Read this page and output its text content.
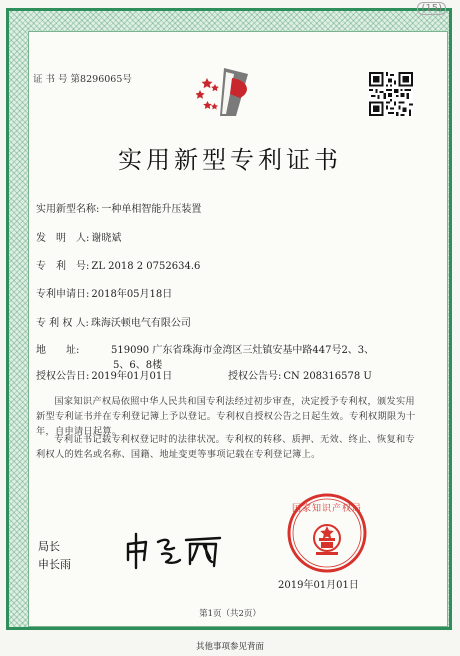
(15)
证 书 号 第8296065号
实用新型专利证书
实用新型名称: 一种单相智能升压装置
发　明　人: 谢晓斌
专　利　号: ZL 2018 2 0752634.6
专利申请日: 2018年05月18日
专 利 权 人: 珠海沃顿电气有限公司
地　　址:	519090 广东省珠海市金湾区三灶镇安基中路447号2、3、
5、6、8楼
授权公告日: 2019年01月01日	授权公告号: CN 208316578 U
国家知识产权局依照中华人民共和国专利法经过初步审查，决定授予专利权，颁发实用新型专利证书并在专利登记簿上予以登记。专利权自授权公告之日起生效。专利权期限为十年，自申请日起算。
专利证书记载专利权登记时的法律状况。专利权的转移、质押、无效、终止、恢复和专利权人的姓名或名称、国籍、地址变更等事项记载在专利登记簿上。
局长
申长雨
国家知识产权局
2019年01月01日
第1页（共2页）
其他事项参见背面
